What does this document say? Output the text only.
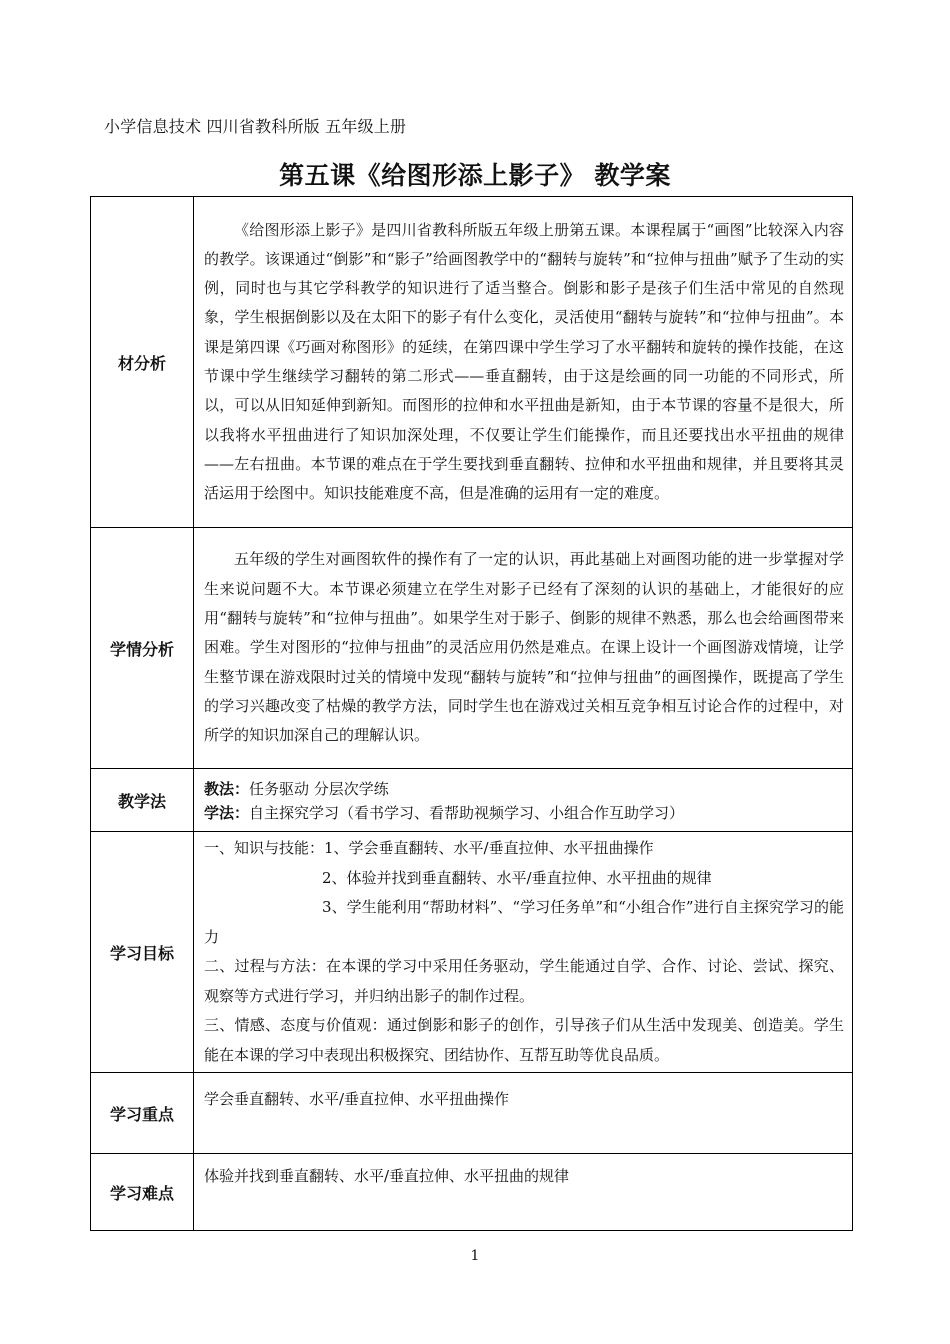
小学信息技术 四川省教科所版 五年级上册
第五课《给图形添上影子》 教学案
材分析	《给图形添上影子》是四川省教科所版五年级上册第五课。本课程属于“画图”比较深入内容的教学。该课通过“倒影”和“影子”给画图教学中的“翻转与旋转”和“拉伸与扭曲”赋予了生动的实例，同时也与其它学科教学的知识进行了适当整合。倒影和影子是孩子们生活中常见的自然现象，学生根据倒影以及在太阳下的影子有什么变化，灵活使用“翻转与旋转”和“拉伸与扭曲”。本课是第四课《巧画对称图形》的延续，在第四课中学生学习了水平翻转和旋转的操作技能，在这节课中学生继续学习翻转的第二形式——垂直翻转，由于这是绘画的同一功能的不同形式，所以，可以从旧知延伸到新知。而图形的拉伸和水平扭曲是新知，由于本节课的容量不是很大，所以我将水平扭曲进行了知识加深处理，不仅要让学生们能操作，而且还要找出水平扭曲的规律——左右扭曲。本节课的难点在于学生要找到垂直翻转、拉伸和水平扭曲和规律，并且要将其灵活运用于绘图中。知识技能难度不高，但是准确的运用有一定的难度。

学情分析	五年级的学生对画图软件的操作有了一定的认识，再此基础上对画图功能的进一步掌握对学生来说问题不大。本节课必须建立在学生对影子已经有了深刻的认识的基础上，才能很好的应用“翻转与旋转”和“拉伸与扭曲”。如果学生对于影子、倒影的规律不熟悉，那么也会给画图带来困难。学生对图形的“拉伸与扭曲”的灵活应用仍然是难点。在课上设计一个画图游戏情境，让学生整节课在游戏限时过关的情境中发现“翻转与旋转”和“拉伸与扭曲”的画图操作，既提高了学生的学习兴趣改变了枯燥的教学方法，同时学生也在游戏过关相互竞争相互讨论合作的过程中，对所学的知识加深自己的理解认识。

教学法	教法：任务驱动 分层次学练

学法：自主探究学习（看书学习、看帮助视频学习、小组合作互助学习）

学习目标	一、知识与技能：1、学会垂直翻转、水平/垂直拉伸、水平扭曲操作

2、体验并找到垂直翻转、水平/垂直拉伸、水平扭曲的规律

3、学生能利用“帮助材料”、“学习任务单”和“小组合作”进行自主探究学习的能力

二、过程与方法：在本课的学习中采用任务驱动，学生能通过自学、合作、讨论、尝试、探究、观察等方式进行学习，并归纳出影子的制作过程。

三、情感、态度与价值观：通过倒影和影子的创作，引导孩子们从生活中发现美、创造美。学生能在本课的学习中表现出积极探究、团结协作、互帮互助等优良品质。

学习重点	学会垂直翻转、水平/垂直拉伸、水平扭曲操作
学习难点	体验并找到垂直翻转、水平/垂直拉伸、水平扭曲的规律
1
